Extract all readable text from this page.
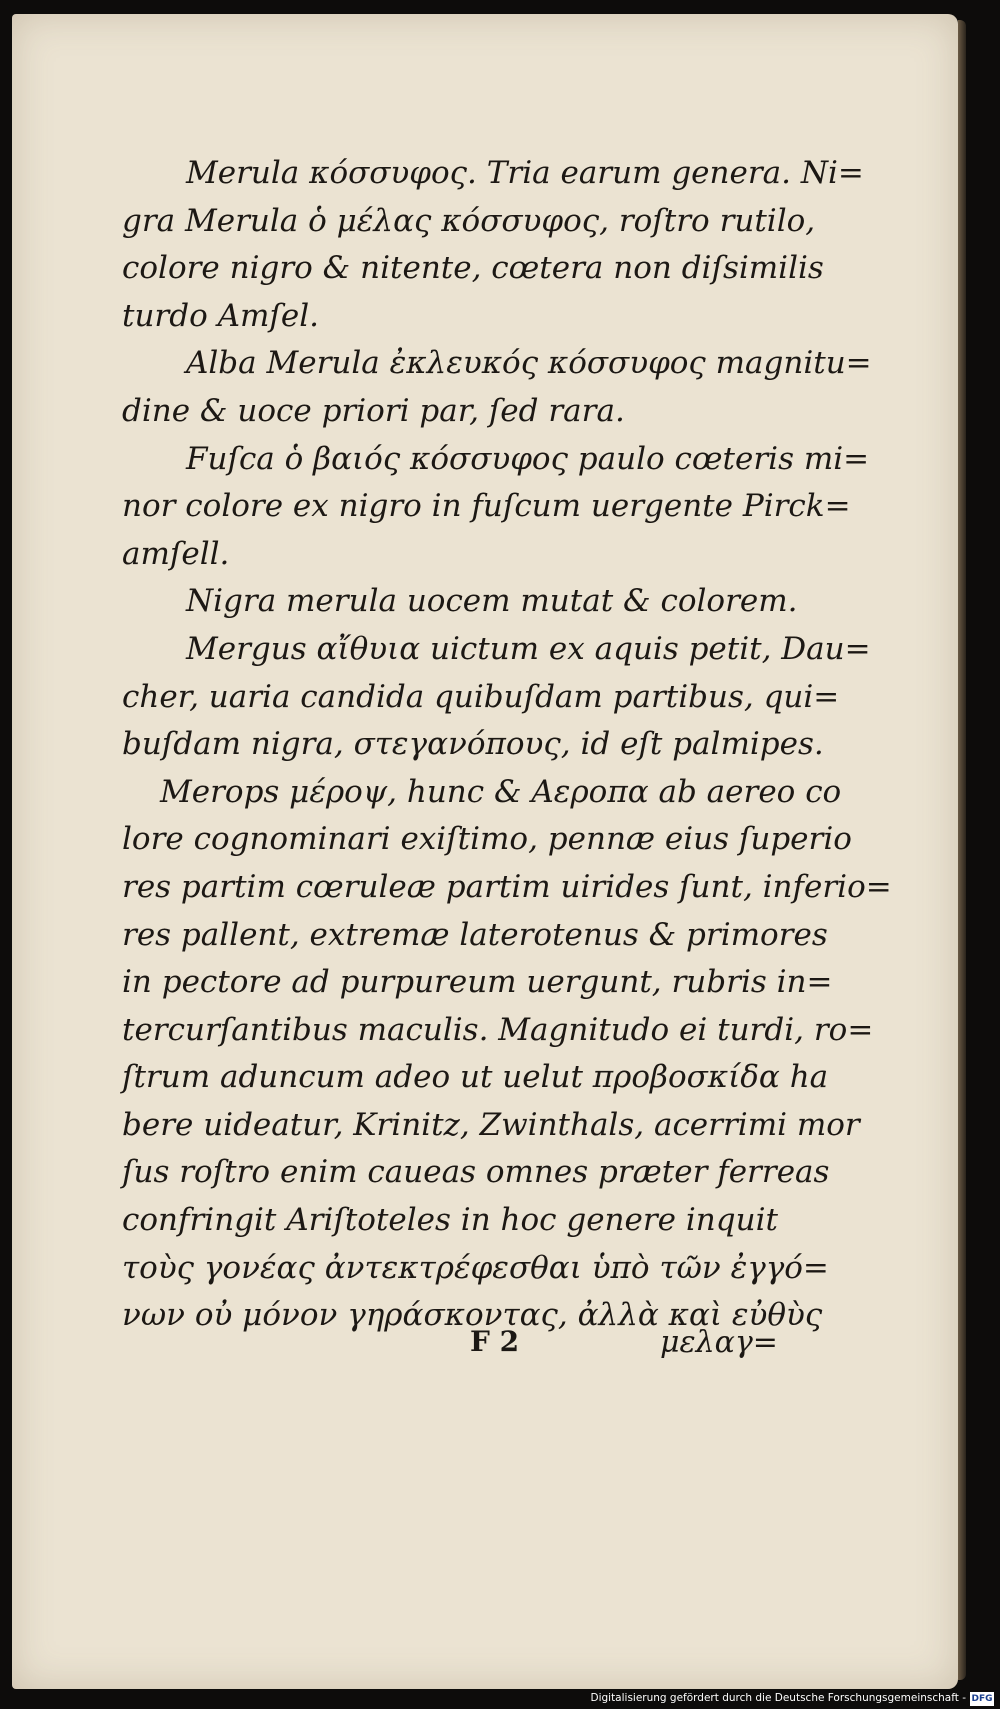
Merula κόσσυφος. Tria earum genera. Ni=
gra Merula ὁ μέλας κόσσυφος, roſtro rutilo,
colore nigro & nitente, cœtera non diſsimilis
turdo Amſel.
Alba Merula ἐκλευκός κόσσυφος magnitu=
dine & uoce priori par, ſed rara.
Fuſca ὁ βαιός κόσσυφος paulo cœteris mi=
nor colore ex nigro in fuſcum uergente Pirck=
amſell.
Nigra merula uocem mutat & colorem.
Mergus αἴθυια uictum ex aquis petit, Dau=
cher, uaria candida quibuſdam partibus, qui=
buſdam nigra, στεγανόπους, id eſt palmipes.
Merops μέροψ, hunc & Αεροπα ab aereo co
lore cognominari exiſtimo, pennæ eius ſuperio
res partim cœruleæ partim uirides ſunt, inferio=
res pallent, extremæ laterotenus & primores
in pectore ad purpureum uergunt, rubris in=
tercurſantibus maculis. Magnitudo ei turdi, ro=
ſtrum aduncum adeo ut uelut προβοσκίδα ha
bere uideatur, Krinitz, Zwinthals, acerrimi mor
ſus roſtro enim caueas omnes præter ferreas
confringit Ariſtoteles in hoc genere inquit
τοὺς γονέας ἀντεκτρέφεσθαι ὑπὸ τῶν ἐγγό=
νων οὐ μόνον γηράσκοντας, ἀλλὰ καὶ εὐθὺς
F 2	μελαγ=
Digitalisierung gefördert durch die Deutsche Forschungsgemeinschaft - DFG
